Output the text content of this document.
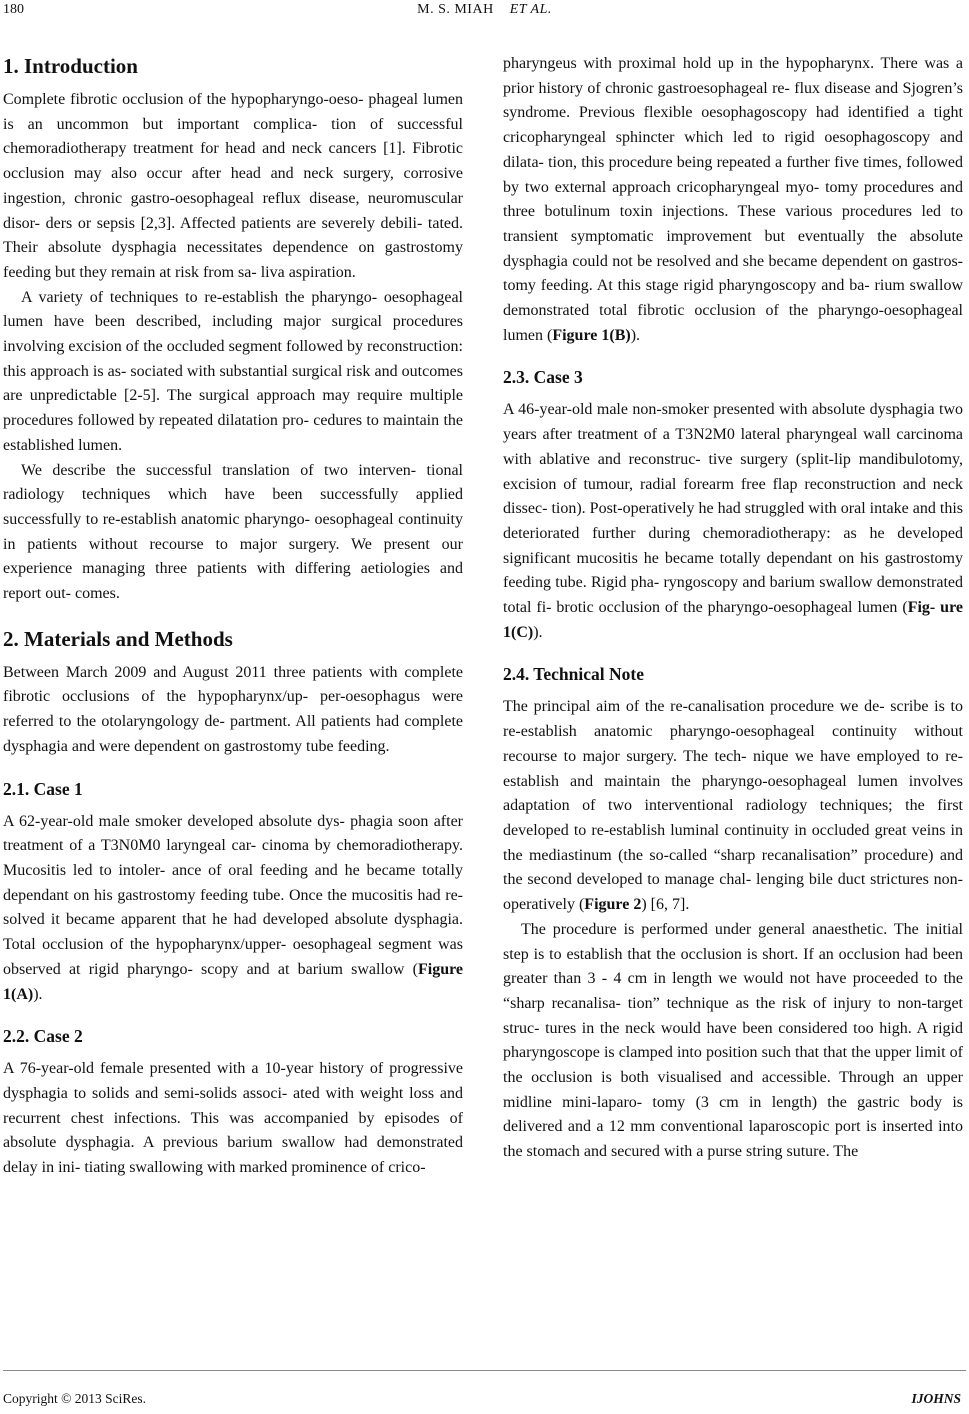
180	M. S. MIAH ET AL.
1. Introduction

Complete fibrotic occlusion of the hypopharyngo-oeso- phageal lumen is an uncommon but important complica- tion of successful chemoradiotherapy treatment for head and neck cancers [1]. Fibrotic occlusion may also occur after head and neck surgery, corrosive ingestion, chronic gastro-oesophageal reflux disease, neuromuscular disor- ders or sepsis [2,3]. Affected patients are severely debili- tated. Their absolute dysphagia necessitates dependence on gastrostomy feeding but they remain at risk from sa- liva aspiration.

A variety of techniques to re-establish the pharyngo- oesophageal lumen have been described, including major surgical procedures involving excision of the occluded segment followed by reconstruction: this approach is as- sociated with substantial surgical risk and outcomes are unpredictable [2-5]. The surgical approach may require multiple procedures followed by repeated dilatation pro- cedures to maintain the established lumen.

We describe the successful translation of two interven- tional radiology techniques which have been successfully applied successfully to re-establish anatomic pharyngo- oesophageal continuity in patients without recourse to major surgery. We present our experience managing three patients with differing aetiologies and report out- comes.

2. Materials and Methods

Between March 2009 and August 2011 three patients with complete fibrotic occlusions of the hypopharynx/up- per-oesophagus were referred to the otolaryngology de- partment. All patients had complete dysphagia and were dependent on gastrostomy tube feeding.

2.1. Case 1

A 62-year-old male smoker developed absolute dys- phagia soon after treatment of a T3N0M0 laryngeal car- cinoma by chemoradiotherapy. Mucositis led to intoler- ance of oral feeding and he became totally dependant on his gastrostomy feeding tube. Once the mucositis had re- solved it became apparent that he had developed absolute dysphagia. Total occlusion of the hypopharynx/upper- oesophageal segment was observed at rigid pharyngo- scopy and at barium swallow (Figure 1(A)).

2.2. Case 2

A 76-year-old female presented with a 10-year history of progressive dysphagia to solids and semi-solids associ- ated with weight loss and recurrent chest infections. This was accompanied by episodes of absolute dysphagia. A previous barium swallow had demonstrated delay in ini- tiating swallowing with marked prominence of crico-

pharyngeus with proximal hold up in the hypopharynx. There was a prior history of chronic gastroesophageal re- flux disease and Sjogren’s syndrome. Previous flexible oesophagoscopy had identified a tight cricopharyngeal sphincter which led to rigid oesophagoscopy and dilata- tion, this procedure being repeated a further five times, followed by two external approach cricopharyngeal myo- tomy procedures and three botulinum toxin injections. These various procedures led to transient symptomatic improvement but eventually the absolute dysphagia could not be resolved and she became dependent on gastros- tomy feeding. At this stage rigid pharyngoscopy and ba- rium swallow demonstrated total fibrotic occlusion of the pharyngo-oesophageal lumen (Figure 1(B)).

2.3. Case 3

A 46-year-old male non-smoker presented with absolute dysphagia two years after treatment of a T3N2M0 lateral pharyngeal wall carcinoma with ablative and reconstruc- tive surgery (split-lip mandibulotomy, excision of tumour, radial forearm free flap reconstruction and neck dissec- tion). Post-operatively he had struggled with oral intake and this deteriorated further during chemoradiotherapy: as he developed significant mucositis he became totally dependant on his gastrostomy feeding tube. Rigid pha- ryngoscopy and barium swallow demonstrated total fi- brotic occlusion of the pharyngo-oesophageal lumen (Fig- ure 1(C)).

2.4. Technical Note

The principal aim of the re-canalisation procedure we de- scribe is to re-establish anatomic pharyngo-oesophageal continuity without recourse to major surgery. The tech- nique we have employed to re-establish and maintain the pharyngo-oesophageal lumen involves adaptation of two interventional radiology techniques; the first developed to re-establish luminal continuity in occluded great veins in the mediastinum (the so-called “sharp recanalisation” procedure) and the second developed to manage chal- lenging bile duct strictures non-operatively (Figure 2) [6, 7].

The procedure is performed under general anaesthetic. The initial step is to establish that the occlusion is short. If an occlusion had been greater than 3 - 4 cm in length we would not have proceeded to the “sharp recanalisa- tion” technique as the risk of injury to non-target struc- tures in the neck would have been considered too high. A rigid pharyngoscope is clamped into position such that that the upper limit of the occlusion is both visualised and accessible. Through an upper midline mini-laparo- tomy (3 cm in length) the gastric body is delivered and a 12 mm conventional laparoscopic port is inserted into the stomach and secured with a purse string suture. The

Copyright © 2013 SciRes.	IJOHNS
